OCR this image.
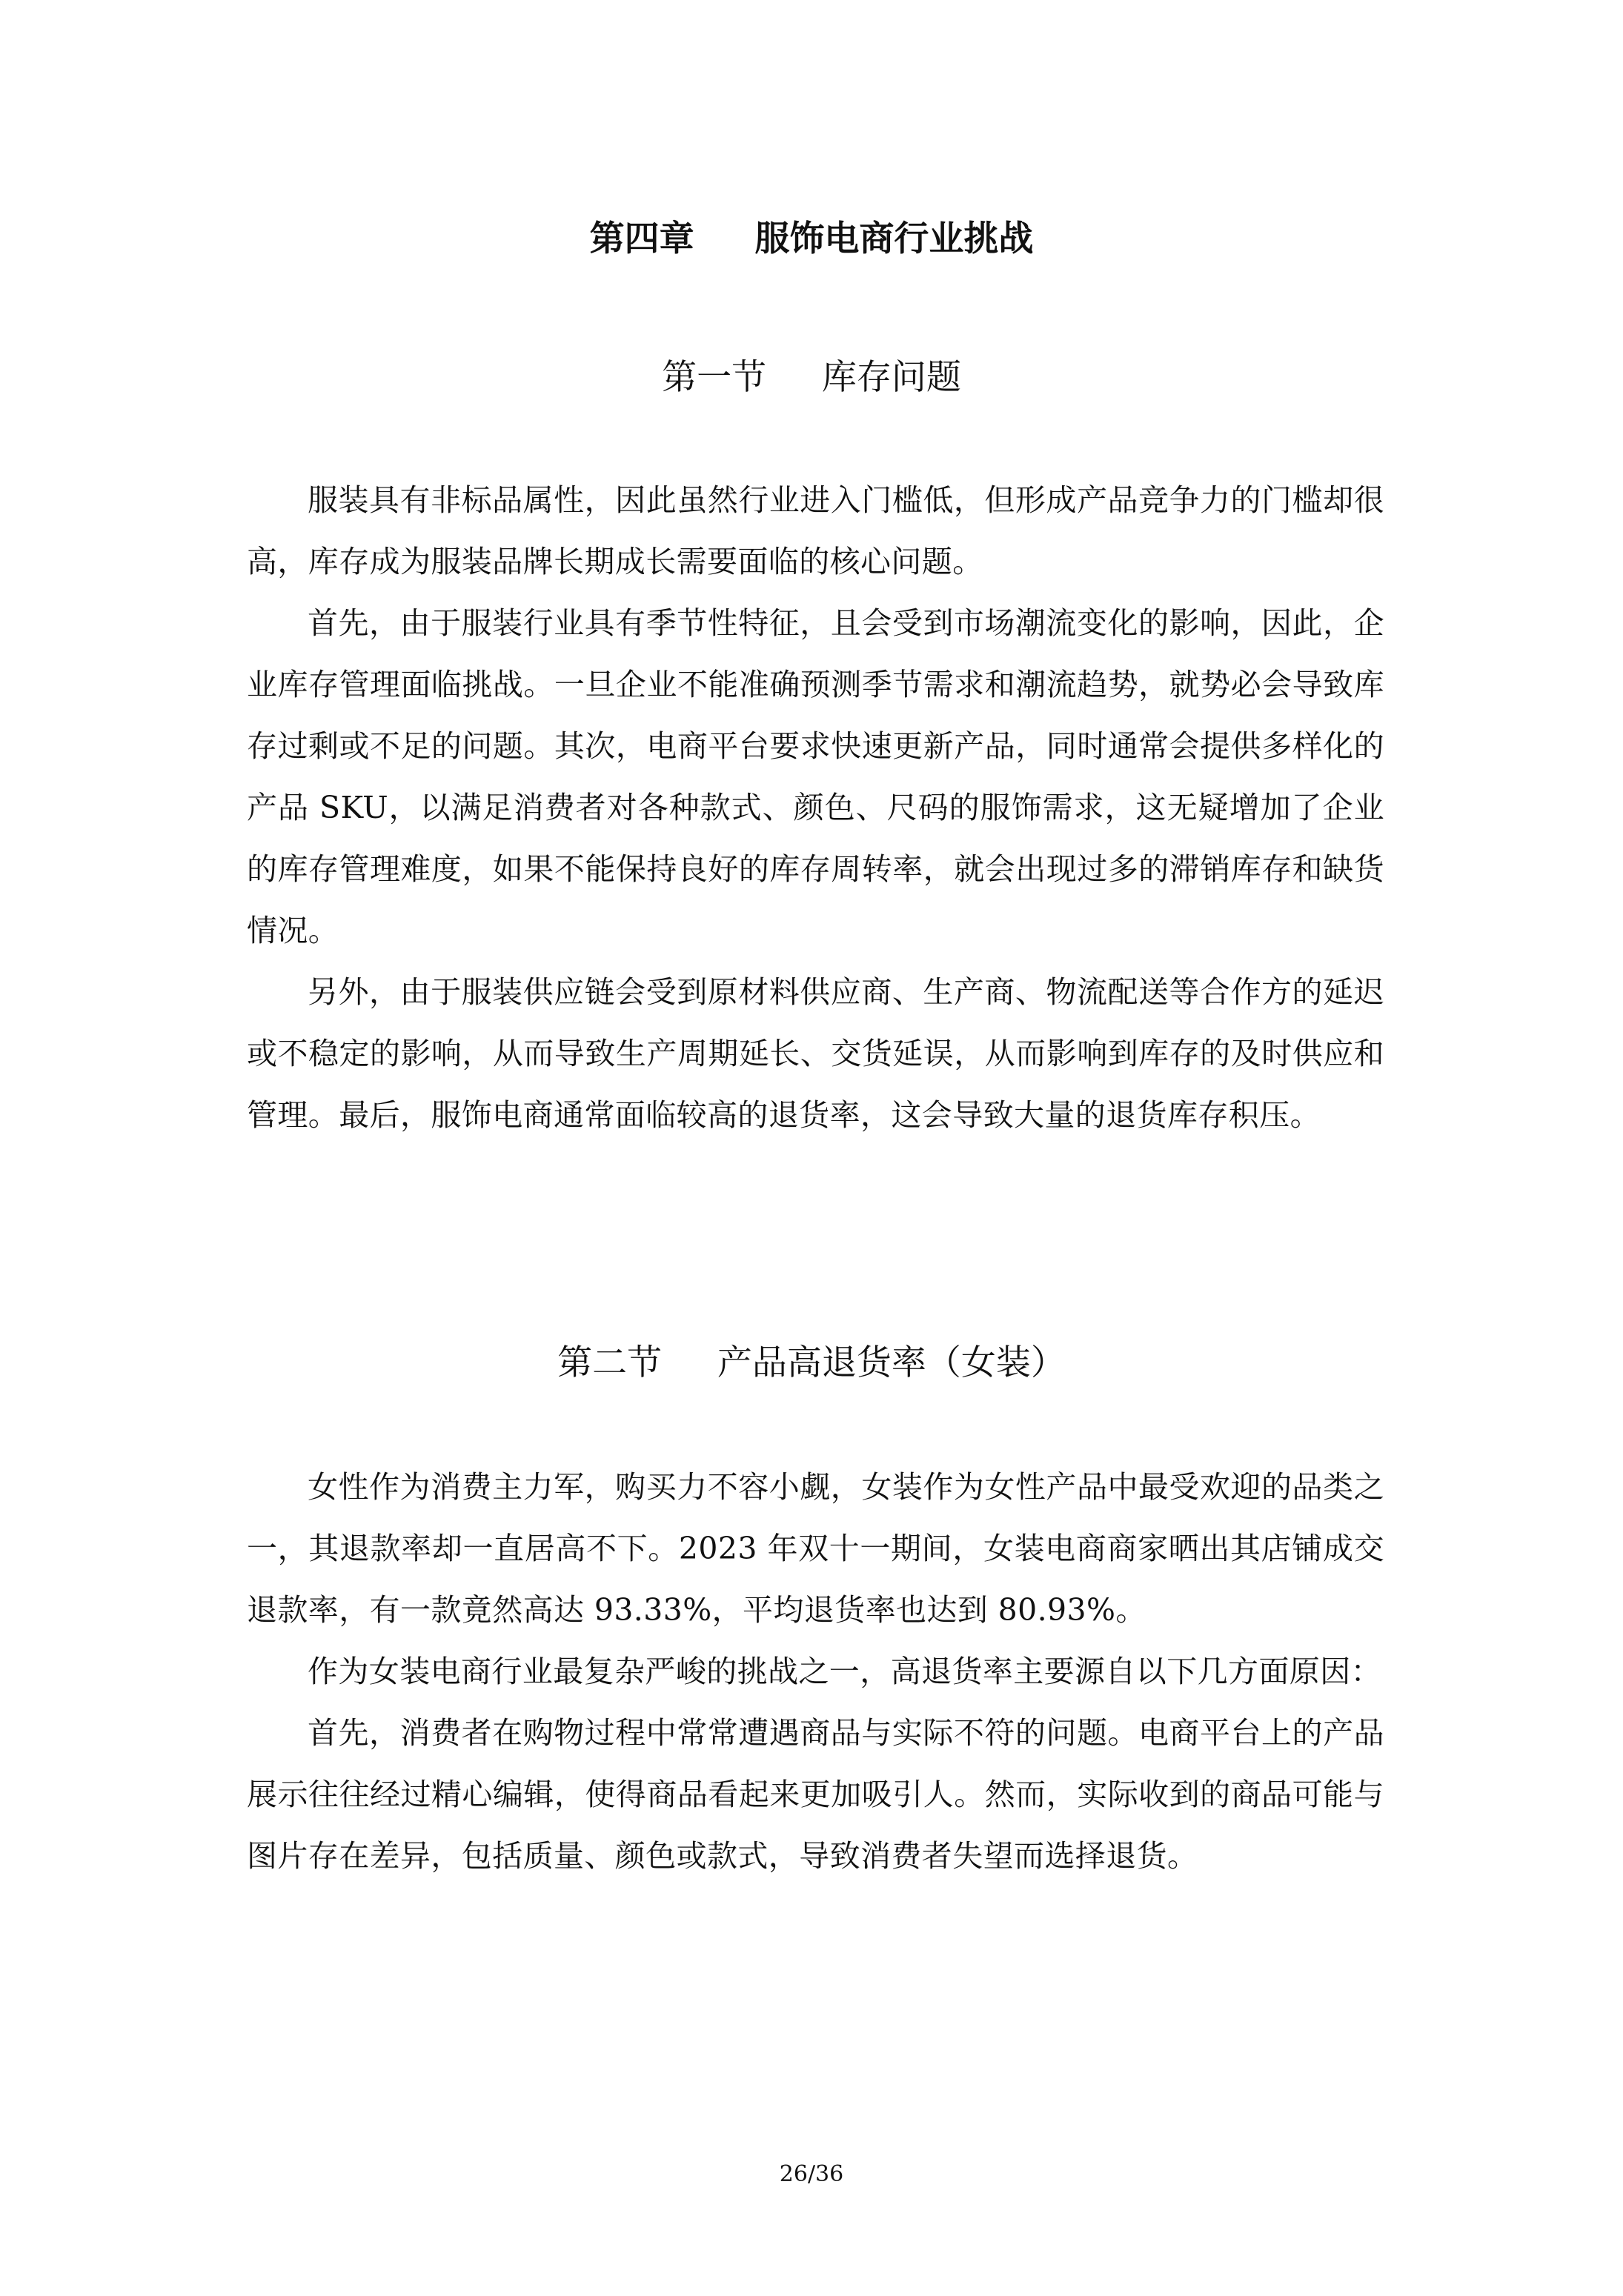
第四章     服饰电商行业挑战
第一节     库存问题

服装具有非标品属性，因此虽然行业进入门槛低，但形成产品竞争力的门槛却很高，库存成为服装品牌长期成长需要面临的核心问题。

首先，由于服装行业具有季节性特征，且会受到市场潮流变化的影响，因此，企业库存管理面临挑战。一旦企业不能准确预测季节需求和潮流趋势，就势必会导致库存过剩或不足的问题。其次，电商平台要求快速更新产品，同时通常会提供多样化的产品 SKU，以满足消费者对各种款式、颜色、尺码的服饰需求，这无疑增加了企业的库存管理难度，如果不能保持良好的库存周转率，就会出现过多的滞销库存和缺货情况。

另外，由于服装供应链会受到原材料供应商、生产商、物流配送等合作方的延迟或不稳定的影响，从而导致生产周期延长、交货延误，从而影响到库存的及时供应和管理。最后，服饰电商通常面临较高的退货率，这会导致大量的退货库存积压。

第二节     产品高退货率（女装）

女性作为消费主力军，购买力不容小觑，女装作为女性产品中最受欢迎的品类之一，其退款率却一直居高不下。2023 年双十一期间，女装电商商家晒出其店铺成交退款率，有一款竟然高达 93.33%，平均退货率也达到 80.93%。

作为女装电商行业最复杂严峻的挑战之一，高退货率主要源自以下几方面原因：

首先，消费者在购物过程中常常遭遇商品与实际不符的问题。电商平台上的产品展示往往经过精心编辑，使得商品看起来更加吸引人。然而，实际收到的商品可能与图片存在差异，包括质量、颜色或款式，导致消费者失望而选择退货。

26/36
